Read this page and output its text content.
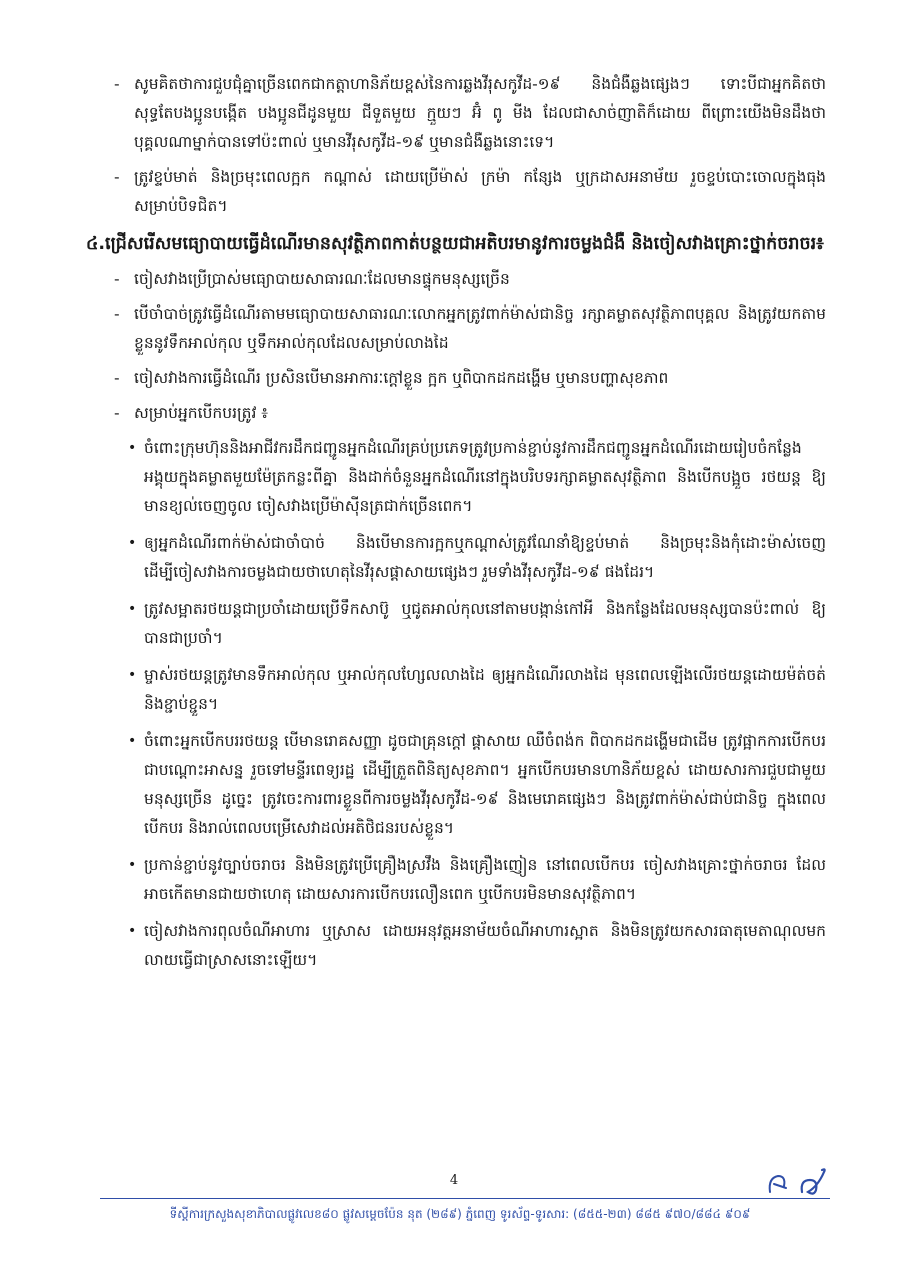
- សូមគិតថាការជួបជុំគ្នាច្រើនពេកជាកត្តាហានិភ័យខ្ពស់នៃការឆ្លងវីរុសកូវីដ-១៩ និងជំងឺឆ្លងផ្សេងៗ ទោះបីជាអ្នកគិតថាសុទ្ធតែបងប្អូនបង្កើត បងប្អូនជីដូនមួយ ជីទួតមួយ ក្មួយៗ អ៊ំ ពូ មីង ដែលជាសាច់ញាតិក៏ដោយ ពីព្រោះយើងមិនដឹងថាបុគ្គលណាម្នាក់បានទៅប៉ះពាល់ ឬមានវីរុសកូវីដ-១៩ ឬមានជំងឺឆ្លងនោះទេ។
- ត្រូវខ្ទប់មាត់ និងច្រមុះពេលក្អក កណ្តាស់ ដោយប្រើម៉ាស់ ក្រម៉ា កន្សែង ឬក្រដាសអនាម័យ រួចខ្ទប់បោះចោលក្នុងធុងសម្រាប់បិទជិត។
៤.ជ្រើសរើសមធ្យោបាយធ្វើដំណើរមានសុវត្ថិភាពកាត់បន្ថយជាអតិបរមានូវការចម្លងជំងឺ និងចៀសវាងគ្រោះថ្នាក់ចរាចរ៖
- ចៀសវាងប្រើប្រាស់មធ្យោបាយសាធារណៈដែលមានផ្ទុកមនុស្សច្រើន
- បើចាំបាច់ត្រូវធ្វើដំណើរតាមមធ្យោបាយសាធារណៈលោកអ្នកត្រូវពាក់ម៉ាស់ជានិច្ច រក្សាគម្លាតសុវត្ថិភាពបុគ្គល និងត្រូវយកតាមខ្លួននូវទឹកអាល់កុល ឬទឹកអាល់កុលដែលសម្រាប់លាងដៃ
- ចៀសវាងការធ្វើដំណើរ ប្រសិនបើមានអាការៈក្តៅខ្លួន ក្អក ឬពិបាកដកដង្ហើម ឬមានបញ្ហាសុខភាព
- សម្រាប់អ្នកបើកបរត្រូវ ៖
• ចំពោះក្រុមហ៊ុននិងអាជីវករដឹកជញ្ជូនអ្នកដំណើរគ្រប់ប្រភេទត្រូវប្រកាន់ខ្ជាប់នូវការដឹកជញ្ជូនអ្នកដំណើរដោយរៀបចំកន្លែងអង្គុយក្នុងគម្លាតមួយម៉ែត្រកន្លះពីគ្នា និងដាក់ចំនួនអ្នកដំណើរនៅក្នុងបរិបទរក្សាគម្លាតសុវត្ថិភាព និងបើកបង្អួច រថយន្ត ឱ្យមានខ្យល់ចេញចូល ចៀសវាងប្រើម៉ាស៊ីនត្រជាក់ច្រើនពេក។
• ឲ្យអ្នកដំណើរពាក់ម៉ាស់ជាចាំបាច់ និងបើមានការក្អកឬកណ្តាស់ត្រូវណែនាំឱ្យខ្ទប់មាត់ និងច្រមុះនិងកុំដោះម៉ាស់ចេញ ដើម្បីចៀសវាងការចម្លងជាយថាហេតុនៃវីរុសផ្តាសាយផ្សេងៗ រួមទាំងវីរុសកូវីដ-១៩ ផងដែរ។
• ត្រូវសម្អាតរថយន្តជាប្រចាំដោយប្រើទឹកសាប៊ូ ឬជូតអាល់កុលនៅតាមបង្កាន់កៅអី និងកន្លែងដែលមនុស្សបានប៉ះពាល់ ឱ្យបានជាប្រចាំ។
• ម្ចាស់រថយន្តត្រូវមានទឹកអាល់កុល ឬអាល់កុលហ្សែលលាងដៃ ឲ្យអ្នកដំណើរលាងដៃ មុនពេលឡើងលើរថយន្តដោយម៉ត់ចត់ និងខ្ជាប់ខ្ជួន។
• ចំពោះអ្នកបើកបររថយន្ត បើមានរោគសញ្ញា ដូចជាគ្រុនក្តៅ ផ្តាសាយ ឈឺចំពង់ក ពិបាកដកដង្ហើមជាដើម ត្រូវផ្អាកការបើកបរជាបណ្តោះអាសន្ន រួចទៅមន្ទីរពេទ្យរដ្ឋ ដើម្បីត្រួតពិនិត្យសុខភាព។ អ្នកបើកបរមានហានិភ័យខ្ពស់ ដោយសារការជួបជាមួយមនុស្សច្រើន ដូច្នេះ ត្រូវចេះការពារខ្លួនពីការចម្លងវីរុសកូវីដ-១៩ និងមេរោគផ្សេងៗ និងត្រូវពាក់ម៉ាស់ជាប់ជានិច្ច ក្នុងពេលបើកបរ និងរាល់ពេលបម្រើសេវាដល់អតិថិជនរបស់ខ្លួន។
• ប្រកាន់ខ្ជាប់នូវច្បាប់ចរាចរ និងមិនត្រូវប្រើគ្រឿងស្រវឹង និងគ្រឿងញៀន នៅពេលបើកបរ ចៀសវាងគ្រោះថ្នាក់ចរាចរ ដែលអាចកើតមានជាយថាហេតុ ដោយសារការបើកបរលឿនពេក ឬបើកបរមិនមានសុវត្ថិភាព។
• ចៀសវាងការពុលចំណីអាហារ ឬស្រាស ដោយអនុវត្តអនាម័យចំណីអាហារស្អាត និងមិនត្រូវយកសារធាតុមេតាណុលមកលាយធ្វើជាស្រាសនោះឡើយ។
4
ទីស្តីការក្រសួងសុខាភិបាលផ្លូវលេខ៨០ ផ្លូវសម្ដេចប៉ែន នុត (២៨៩) ភ្នំពេញ ទូរស័ព្ទ-ទូរសារ: (៨៥៥-២៣) ៨៨៥ ៩៧០/៨៨៤ ៩០៩
